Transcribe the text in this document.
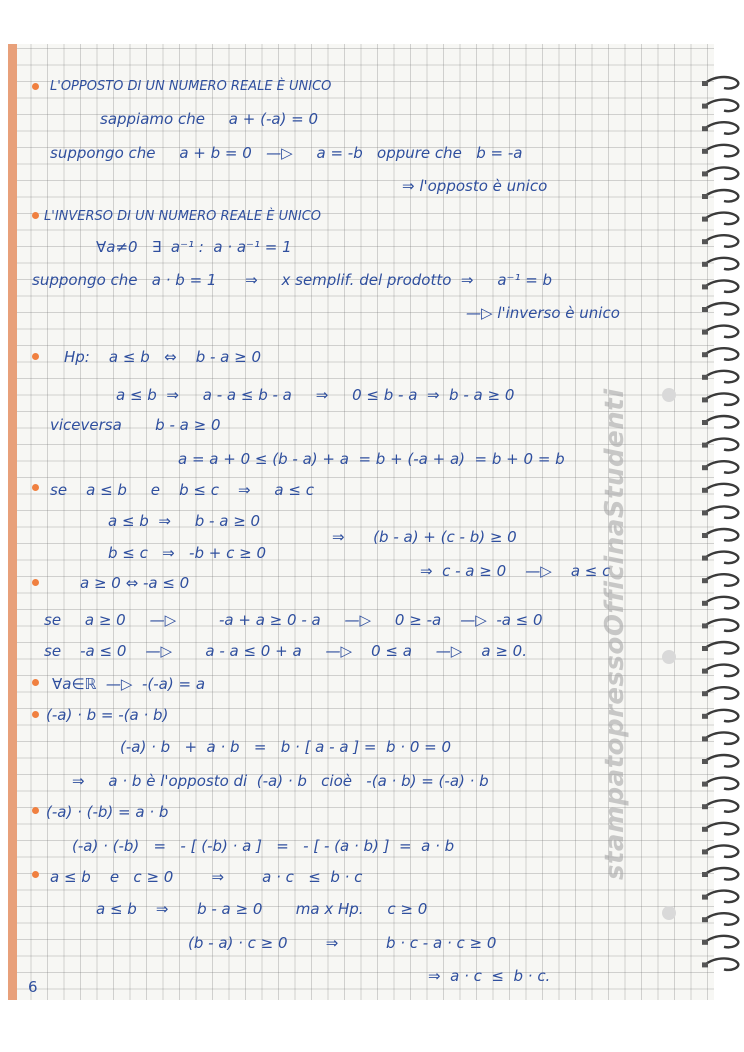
L'OPPOSTO DI UN NUMERO REALE È UNICO
sappiamo che     a + (-a) = 0
suppongo che     a + b = 0   —▷     a = -b   oppure che   b = -a
⇒ l'opposto è unico
L'INVERSO DI UN NUMERO REALE È UNICO
∀a≠0   ∃  a⁻¹ :  a · a⁻¹ = 1
suppongo che   a · b = 1      ⇒     x semplif. del prodotto  ⇒     a⁻¹ = b
—▷ l'inverso è unico
Hp:    a ≤ b   ⇔    b - a ≥ 0
a ≤ b  ⇒     a - a ≤ b - a     ⇒     0 ≤ b - a  ⇒  b - a ≥ 0
viceversa       b - a ≥ 0
a = a + 0 ≤ (b - a) + a  = b + (-a + a)  = b + 0 = b
se    a ≤ b     e    b ≤ c    ⇒     a ≤ c
a ≤ b  ⇒     b - a ≥ 0
⇒      (b - a) + (c - b) ≥ 0
b ≤ c   ⇒   -b + c ≥ 0
⇒  c - a ≥ 0    —▷    a ≤ c
a ≥ 0 ⇔ -a ≤ 0
se     a ≥ 0     —▷         -a + a ≥ 0 - a     —▷     0 ≥ -a    —▷  -a ≤ 0
se    -a ≤ 0    —▷       a - a ≤ 0 + a     —▷    0 ≤ a     —▷    a ≥ 0.
∀a∈ℝ  —▷  -(-a) = a
(-a) · b = -(a · b)
(-a) · b   +  a · b   =   b · [ a - a ] =  b · 0 = 0
⇒     a · b è l'opposto di  (-a) · b   cioè   -(a · b) = (-a) · b
(-a) · (-b) = a · b
(-a) · (-b)   =   - [ (-b) · a ]   =   - [ - (a · b) ]  =  a · b
a ≤ b    e   c ≥ 0        ⇒        a · c   ≤  b · c
a ≤ b    ⇒      b - a ≥ 0       ma x Hp.     c ≥ 0
(b - a) · c ≥ 0        ⇒          b · c - a · c ≥ 0
⇒  a · c  ≤  b · c.
6
stampatopressoOfficinaStudenti
